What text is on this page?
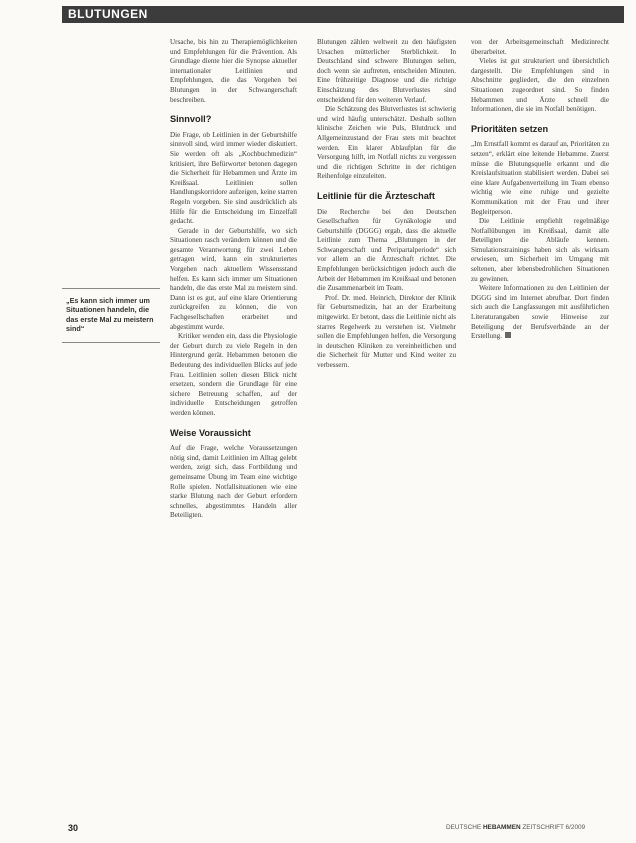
BLUTUNGEN
„Es kann sich immer um Situationen handeln, die das erste Mal zu meistern sind“

Ursache, bis hin zu Therapiemöglichkeiten und Empfehlungen für die Prävention. Als Grundlage diente hier die Synopse aktueller internationaler Leitlinien und Empfehlungen, die das Vorgehen bei Blutungen in der Schwangerschaft beschreiben.

Sinnvoll?

Die Frage, ob Leitlinien in der Geburtshilfe sinnvoll sind, wird immer wieder diskutiert. Sie werden oft als „Kochbuchmedizin“ kritisiert, ihre Befürworter betonen dagegen die Sicherheit für Hebammen und Ärzte im Kreißsaal. Leitlinien sollen Handlungskorridore aufzeigen, keine starren Regeln vorgeben. Sie sind ausdrücklich als Hilfe für die Entscheidung im Einzelfall gedacht.

Gerade in der Geburtshilfe, wo sich Situationen rasch verändern können und die gesamte Verantwortung für zwei Leben getragen wird, kann ein strukturiertes Vorgehen nach aktuellem Wissensstand helfen. Es kann sich immer um Situationen handeln, die das erste Mal zu meistern sind. Dann ist es gut, auf eine klare Orientierung zurückgreifen zu können, die von Fachgesellschaften erarbeitet und abgestimmt wurde.

Kritiker wenden ein, dass die Physiologie der Geburt durch zu viele Regeln in den Hintergrund gerät. Hebammen betonen die Bedeutung des individuellen Blicks auf jede Frau. Leitlinien sollen diesen Blick nicht ersetzen, sondern die Grundlage für eine sichere Betreuung schaffen, auf der individuelle Entscheidungen getroffen werden können.

Weise Voraussicht

Auf die Frage, welche Voraussetzungen nötig sind, damit Leitlinien im Alltag gelebt werden, zeigt sich, dass Fortbildung und gemeinsame Übung im Team eine wichtige Rolle spielen. Notfallsituationen wie eine starke Blutung nach der Geburt erfordern schnelles, abgestimmtes Handeln aller Beteiligten.

Blutungen zählen weltweit zu den häufigsten Ursachen mütterlicher Sterblichkeit. In Deutschland sind schwere Blutungen selten, doch wenn sie auftreten, entscheiden Minuten. Eine frühzeitige Diagnose und die richtige Einschätzung des Blutverlustes sind entscheidend für den weiteren Verlauf.

Die Schätzung des Blutverlustes ist schwierig und wird häufig unterschätzt. Deshalb sollten klinische Zeichen wie Puls, Blutdruck und Allgemeinzustand der Frau stets mit beachtet werden. Ein klarer Ablaufplan für die Versorgung hilft, im Notfall nichts zu vergessen und die richtigen Schritte in der richtigen Reihenfolge einzuleiten.

Leitlinie für die Ärzteschaft

Die Recherche bei den Deutschen Gesellschaften für Gynäkologie und Geburtshilfe (DGGG) ergab, dass die aktuelle Leitlinie zum Thema „Blutungen in der Schwangerschaft und Peripartalperiode“ sich vor allem an die Ärzteschaft richtet. Die Empfehlungen berücksichtigen jedoch auch die Arbeit der Hebammen im Kreißsaal und betonen die Zusammenarbeit im Team.

Prof. Dr. med. Heinrich, Direktor der Klinik für Geburtsmedizin, hat an der Erarbeitung mitgewirkt. Er betont, dass die Leitlinie nicht als starres Regelwerk zu verstehen ist. Vielmehr sollen die Empfehlungen helfen, die Versorgung in deutschen Kliniken zu vereinheitlichen und die Sicherheit für Mutter und Kind weiter zu verbessern.

von der Arbeitsgemeinschaft Medizinrecht überarbeitet.

Vieles ist gut strukturiert und übersichtlich dargestellt. Die Empfehlungen sind in Abschnitte gegliedert, die den einzelnen Situationen zugeordnet sind. So finden Hebammen und Ärzte schnell die Informationen, die sie im Notfall benötigen.

Prioritäten setzen

„Im Ernstfall kommt es darauf an, Prioritäten zu setzen“, erklärt eine leitende Hebamme. Zuerst müsse die Blutungsquelle erkannt und die Kreislaufsituation stabilisiert werden. Dabei sei eine klare Aufgabenverteilung im Team ebenso wichtig wie eine ruhige und gezielte Kommunikation mit der Frau und ihrer Begleitperson.

Die Leitlinie empfiehlt regelmäßige Notfallübungen im Kreißsaal, damit alle Beteiligten die Abläufe kennen. Simulationstrainings haben sich als wirksam erwiesen, um Sicherheit im Umgang mit seltenen, aber lebensbedrohlichen Situationen zu gewinnen.

Weitere Informationen zu den Leitlinien der DGGG sind im Internet abrufbar. Dort finden sich auch die Langfassungen mit ausführlichen Literaturangaben sowie Hinweise zur Beteiligung der Berufsverbände an der Erstellung.

30	DEUTSCHE HEBAMMEN ZEITSCHRIFT 6/2009
